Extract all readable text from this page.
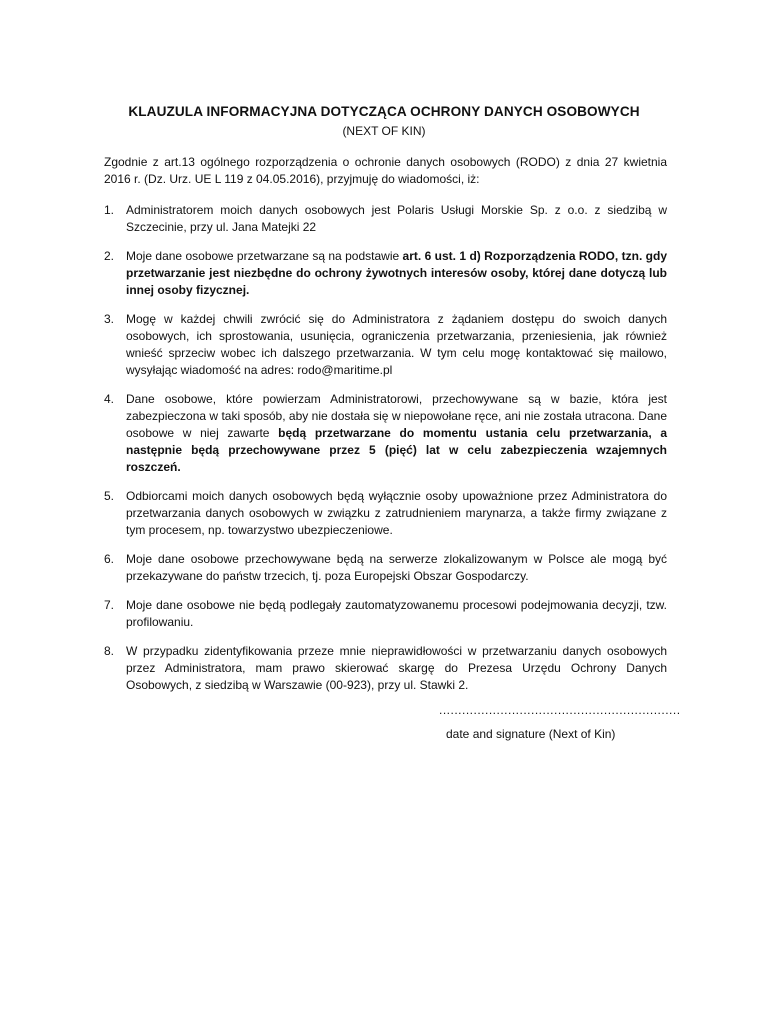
KLAUZULA INFORMACYJNA DOTYCZĄCA OCHRONY DANYCH OSOBOWYCH
(NEXT OF KIN)

Zgodnie z art.13 ogólnego rozporządzenia o ochronie danych osobowych (RODO) z dnia 27 kwietnia 2016 r. (Dz. Urz. UE L 119 z 04.05.2016), przyjmuję do wiadomości, iż:

1. Administratorem moich danych osobowych jest Polaris Usługi Morskie Sp. z o.o. z siedzibą w Szczecinie, przy ul. Jana Matejki 22
2. Moje dane osobowe przetwarzane są na podstawie art. 6 ust. 1 d) Rozporządzenia RODO, tzn. gdy przetwarzanie jest niezbędne do ochrony żywotnych interesów osoby, której dane dotyczą lub innej osoby fizycznej.
3. Mogę w każdej chwili zwrócić się do Administratora z żądaniem dostępu do swoich danych osobowych, ich sprostowania, usunięcia, ograniczenia przetwarzania, przeniesienia, jak również wnieść sprzeciw wobec ich dalszego przetwarzania. W tym celu mogę kontaktować się mailowo, wysyłając wiadomość na adres: rodo@maritime.pl
4. Dane osobowe, które powierzam Administratorowi, przechowywane są w bazie, która jest zabezpieczona w taki sposób, aby nie dostała się w niepowołane ręce, ani nie została utracona. Dane osobowe w niej zawarte będą przetwarzane do momentu ustania celu przetwarzania, a następnie będą przechowywane przez 5 (pięć) lat w celu zabezpieczenia wzajemnych roszczeń.
5. Odbiorcami moich danych osobowych będą wyłącznie osoby upoważnione przez Administratora do przetwarzania danych osobowych w związku z zatrudnieniem marynarza, a także firmy związane z tym procesem, np. towarzystwo ubezpieczeniowe.
6. Moje dane osobowe przechowywane będą na serwerze zlokalizowanym w Polsce ale mogą być przekazywane do państw trzecich, tj. poza Europejski Obszar Gospodarczy.
7. Moje dane osobowe nie będą podlegały zautomatyzowanemu procesowi podejmowania decyzji, tzw. profilowaniu.
8. W przypadku zidentyfikowania przeze mnie nieprawidłowości w przetwarzaniu danych osobowych przez Administratora, mam prawo skierować skargę do Prezesa Urzędu Ochrony Danych Osobowych, z siedzibą w Warszawie (00-923), przy ul. Stawki 2.
...............................................................
date and signature (Next of Kin)
